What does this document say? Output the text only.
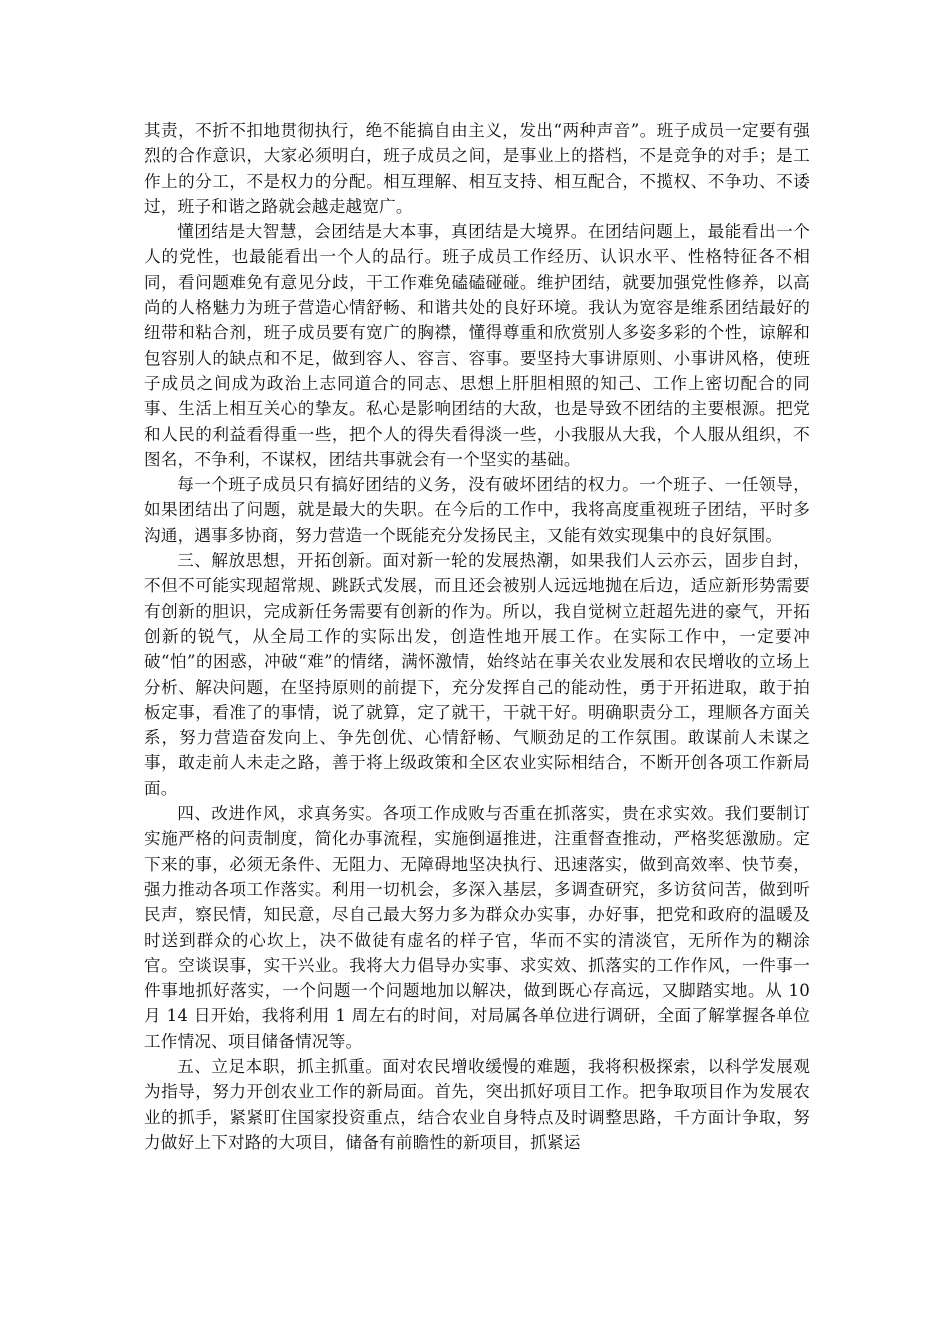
其责，不折不扣地贯彻执行，绝不能搞自由主义，发出“两种声音”。班子成员一定要有强烈的合作意识，大家必须明白，班子成员之间，是事业上的搭档，不是竞争的对手；是工作上的分工，不是权力的分配。相互理解、相互支持、相互配合，不揽权、不争功、不诿过，班子和谐之路就会越走越宽广。

懂团结是大智慧，会团结是大本事，真团结是大境界。在团结问题上，最能看出一个人的党性，也最能看出一个人的品行。班子成员工作经历、认识水平、性格特征各不相同，看问题难免有意见分歧，干工作难免磕磕碰碰。维护团结，就要加强党性修养，以高尚的人格魅力为班子营造心情舒畅、和谐共处的良好环境。我认为宽容是维系团结最好的纽带和粘合剂，班子成员要有宽广的胸襟，懂得尊重和欣赏别人多姿多彩的个性，谅解和包容别人的缺点和不足，做到容人、容言、容事。要坚持大事讲原则、小事讲风格，使班子成员之间成为政治上志同道合的同志、思想上肝胆相照的知己、工作上密切配合的同事、生活上相互关心的挚友。私心是影响团结的大敌，也是导致不团结的主要根源。把党和人民的利益看得重一些，把个人的得失看得淡一些，小我服从大我，个人服从组织，不图名，不争利，不谋权，团结共事就会有一个坚实的基础。

每一个班子成员只有搞好团结的义务，没有破坏团结的权力。一个班子、一任领导，如果团结出了问题，就是最大的失职。在今后的工作中，我将高度重视班子团结，平时多沟通，遇事多协商，努力营造一个既能充分发扬民主，又能有效实现集中的良好氛围。

三、解放思想，开拓创新。面对新一轮的发展热潮，如果我们人云亦云，固步自封，不但不可能实现超常规、跳跃式发展，而且还会被别人远远地抛在后边，适应新形势需要有创新的胆识，完成新任务需要有创新的作为。所以，我自觉树立赶超先进的豪气，开拓创新的锐气，从全局工作的实际出发，创造性地开展工作。在实际工作中，一定要冲破“怕”的困惑，冲破“难”的情绪，满怀激情，始终站在事关农业发展和农民增收的立场上分析、解决问题，在坚持原则的前提下，充分发挥自己的能动性，勇于开拓进取，敢于拍板定事，看准了的事情，说了就算，定了就干，干就干好。明确职责分工，理顺各方面关系，努力营造奋发向上、争先创优、心情舒畅、气顺劲足的工作氛围。敢谋前人未谋之事，敢走前人未走之路，善于将上级政策和全区农业实际相结合，不断开创各项工作新局面。

四、改进作风，求真务实。各项工作成败与否重在抓落实，贵在求实效。我们要制订实施严格的问责制度，简化办事流程，实施倒逼推进，注重督查推动，严格奖惩激励。定下来的事，必须无条件、无阻力、无障碍地坚决执行、迅速落实，做到高效率、快节奏，强力推动各项工作落实。利用一切机会，多深入基层，多调查研究，多访贫问苦，做到听民声，察民情，知民意，尽自己最大努力多为群众办实事，办好事，把党和政府的温暖及时送到群众的心坎上，决不做徒有虚名的样子官，华而不实的清淡官，无所作为的糊涂官。空谈误事，实干兴业。我将大力倡导办实事、求实效、抓落实的工作作风，一件事一件事地抓好落实，一个问题一个问题地加以解决，做到既心存高远，又脚踏实地。从 10 月 14 日开始，我将利用 1 周左右的时间，对局属各单位进行调研，全面了解掌握各单位工作情况、项目储备情况等。

五、立足本职，抓主抓重。面对农民增收缓慢的难题，我将积极探索，以科学发展观为指导，努力开创农业工作的新局面。首先，突出抓好项目工作。把争取项目作为发展农业的抓手，紧紧盯住国家投资重点，结合农业自身特点及时调整思路，千方面计争取，努力做好上下对路的大项目，储备有前瞻性的新项目，抓紧运
